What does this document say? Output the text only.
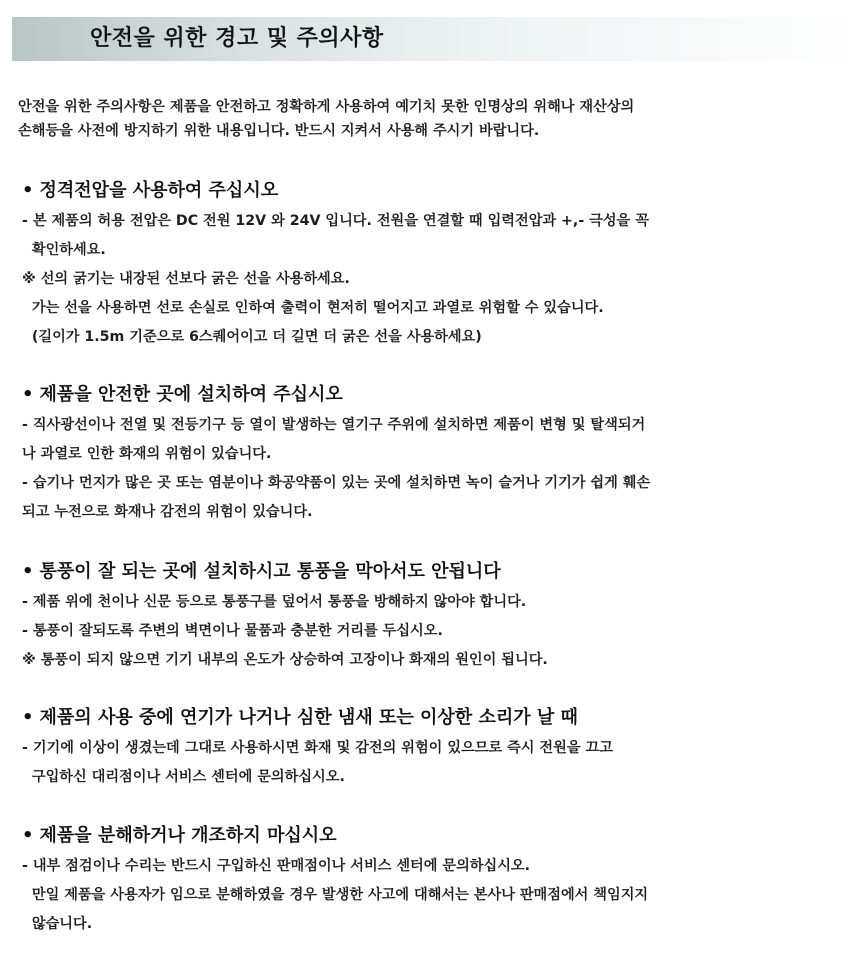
안전을 위한 경고 및 주의사항
안전을 위한 주의사항은 제품을 안전하고 정확하게 사용하여 예기치 못한 인명상의 위해나 재산상의
손해등을 사전에 방지하기 위한 내용입니다. 반드시 지켜서 사용해 주시기 바랍니다.
• 정격전압을 사용하여 주십시오
- 본 제품의 허용 전압은 DC 전원 12V 와 24V 입니다. 전원을 연결할 때 입력전압과 +,- 극성을 꼭
확인하세요.
※ 선의 굵기는 내장된 선보다 굵은 선을 사용하세요.
가는 선을 사용하면 선로 손실로 인하여 출력이 현저히 떨어지고 과열로 위험할 수 있습니다.
(길이가 1.5m 기준으로 6스퀘어이고 더 길면 더 굵은 선을 사용하세요)
• 제품을 안전한 곳에 설치하여 주십시오
- 직사광선이나 전열 및 전등기구 등 열이 발생하는 열기구 주위에 설치하면 제품이 변형 및 탈색되거
나 과열로 인한 화재의 위험이 있습니다.
- 습기나 먼지가 많은 곳 또는 염분이나 화공약품이 있는 곳에 설치하면 녹이 슬거나 기기가 쉽게 훼손
되고 누전으로 화재나 감전의 위험이 있습니다.
• 통풍이 잘 되는 곳에 설치하시고 통풍을 막아서도 안됩니다
- 제품 위에 천이나 신문 등으로 통풍구를 덮어서 통풍을 방해하지 않아야 합니다.
- 통풍이 잘되도록 주변의 벽면이나 물품과 충분한 거리를 두십시오.
※ 통풍이 되지 않으면 기기 내부의 온도가 상승하여 고장이나 화재의 원인이 됩니다.
• 제품의 사용 중에 연기가 나거나 심한 냄새 또는 이상한 소리가 날 때
- 기기에 이상이 생겼는데 그대로 사용하시면 화재 및 감전의 위험이 있으므로 즉시 전원을 끄고
구입하신 대리점이나 서비스 센터에 문의하십시오.
• 제품을 분해하거나 개조하지 마십시오
- 내부 점검이나 수리는 반드시 구입하신 판매점이나 서비스 센터에 문의하십시오.
만일 제품을 사용자가 임으로 분해하였을 경우 발생한 사고에 대해서는 본사나 판매점에서 책임지지
않습니다.
